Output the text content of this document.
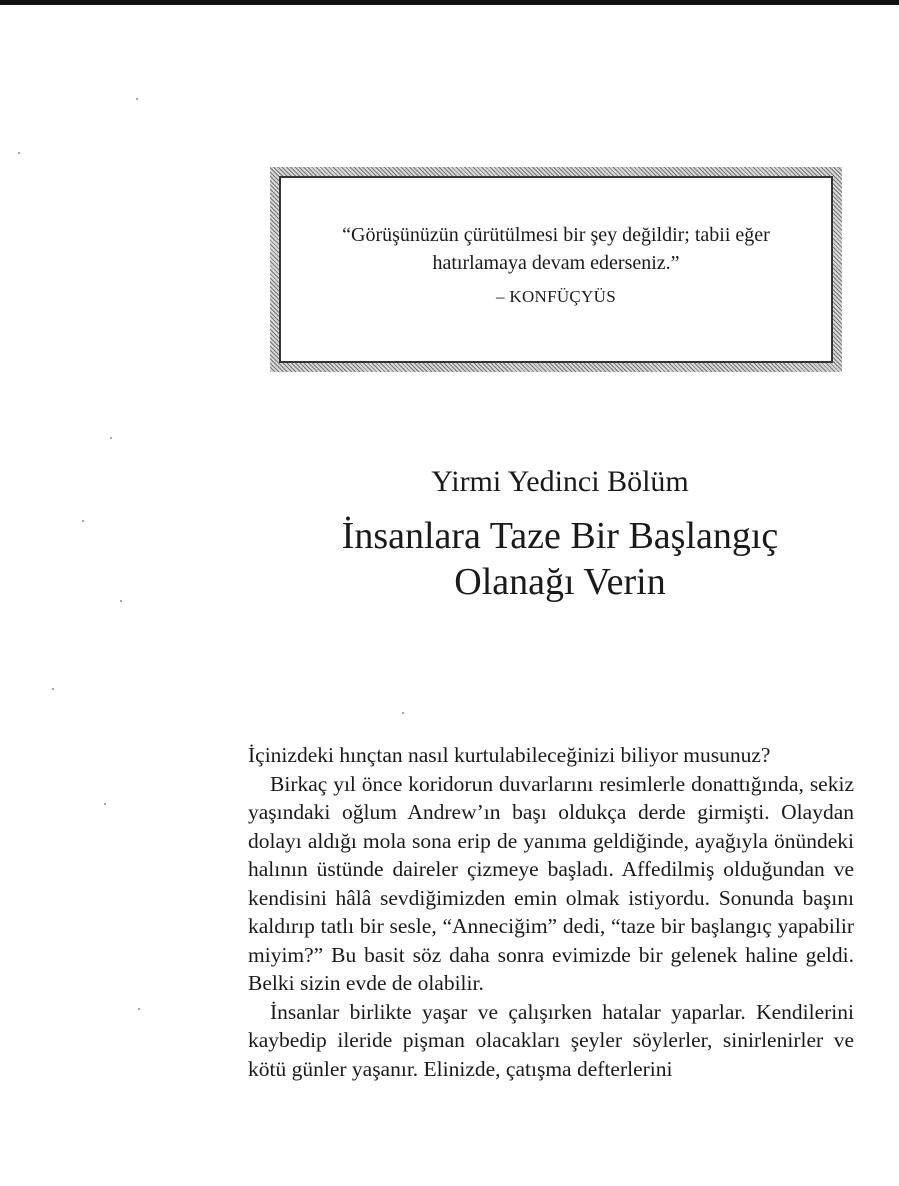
“Görüşünüzün çürütülmesi bir şey değildir; tabii eğer hatırlamaya devam ederseniz.”

– KONFÜÇYÜS
Yirmi Yedinci Bölüm
İnsanlara Taze Bir Başlangıç
Olanağı Verin

İçinizdeki hınçtan nasıl kurtulabileceğinizi biliyor musunuz?

Birkaç yıl önce koridorun duvarlarını resimlerle donattığında, sekiz yaşındaki oğlum Andrew’ın başı oldukça derde girmişti. Olaydan dolayı aldığı mola sona erip de yanıma geldiğinde, ayağıyla önündeki halının üstünde daireler çizmeye başladı. Affedilmiş olduğundan ve kendisini hâlâ sevdiğimizden emin olmak istiyordu. Sonunda başını kaldırıp tatlı bir sesle, “Anneciğim” dedi, “taze bir başlangıç yapabilir miyim?” Bu basit söz daha sonra evimizde bir gelenek haline geldi. Belki sizin evde de olabilir.

İnsanlar birlikte yaşar ve çalışırken hatalar yaparlar. Kendilerini kaybedip ileride pişman olacakları şeyler söylerler, sinirlenirler ve kötü günler yaşanır. Elinizde, çatışma defterlerini
